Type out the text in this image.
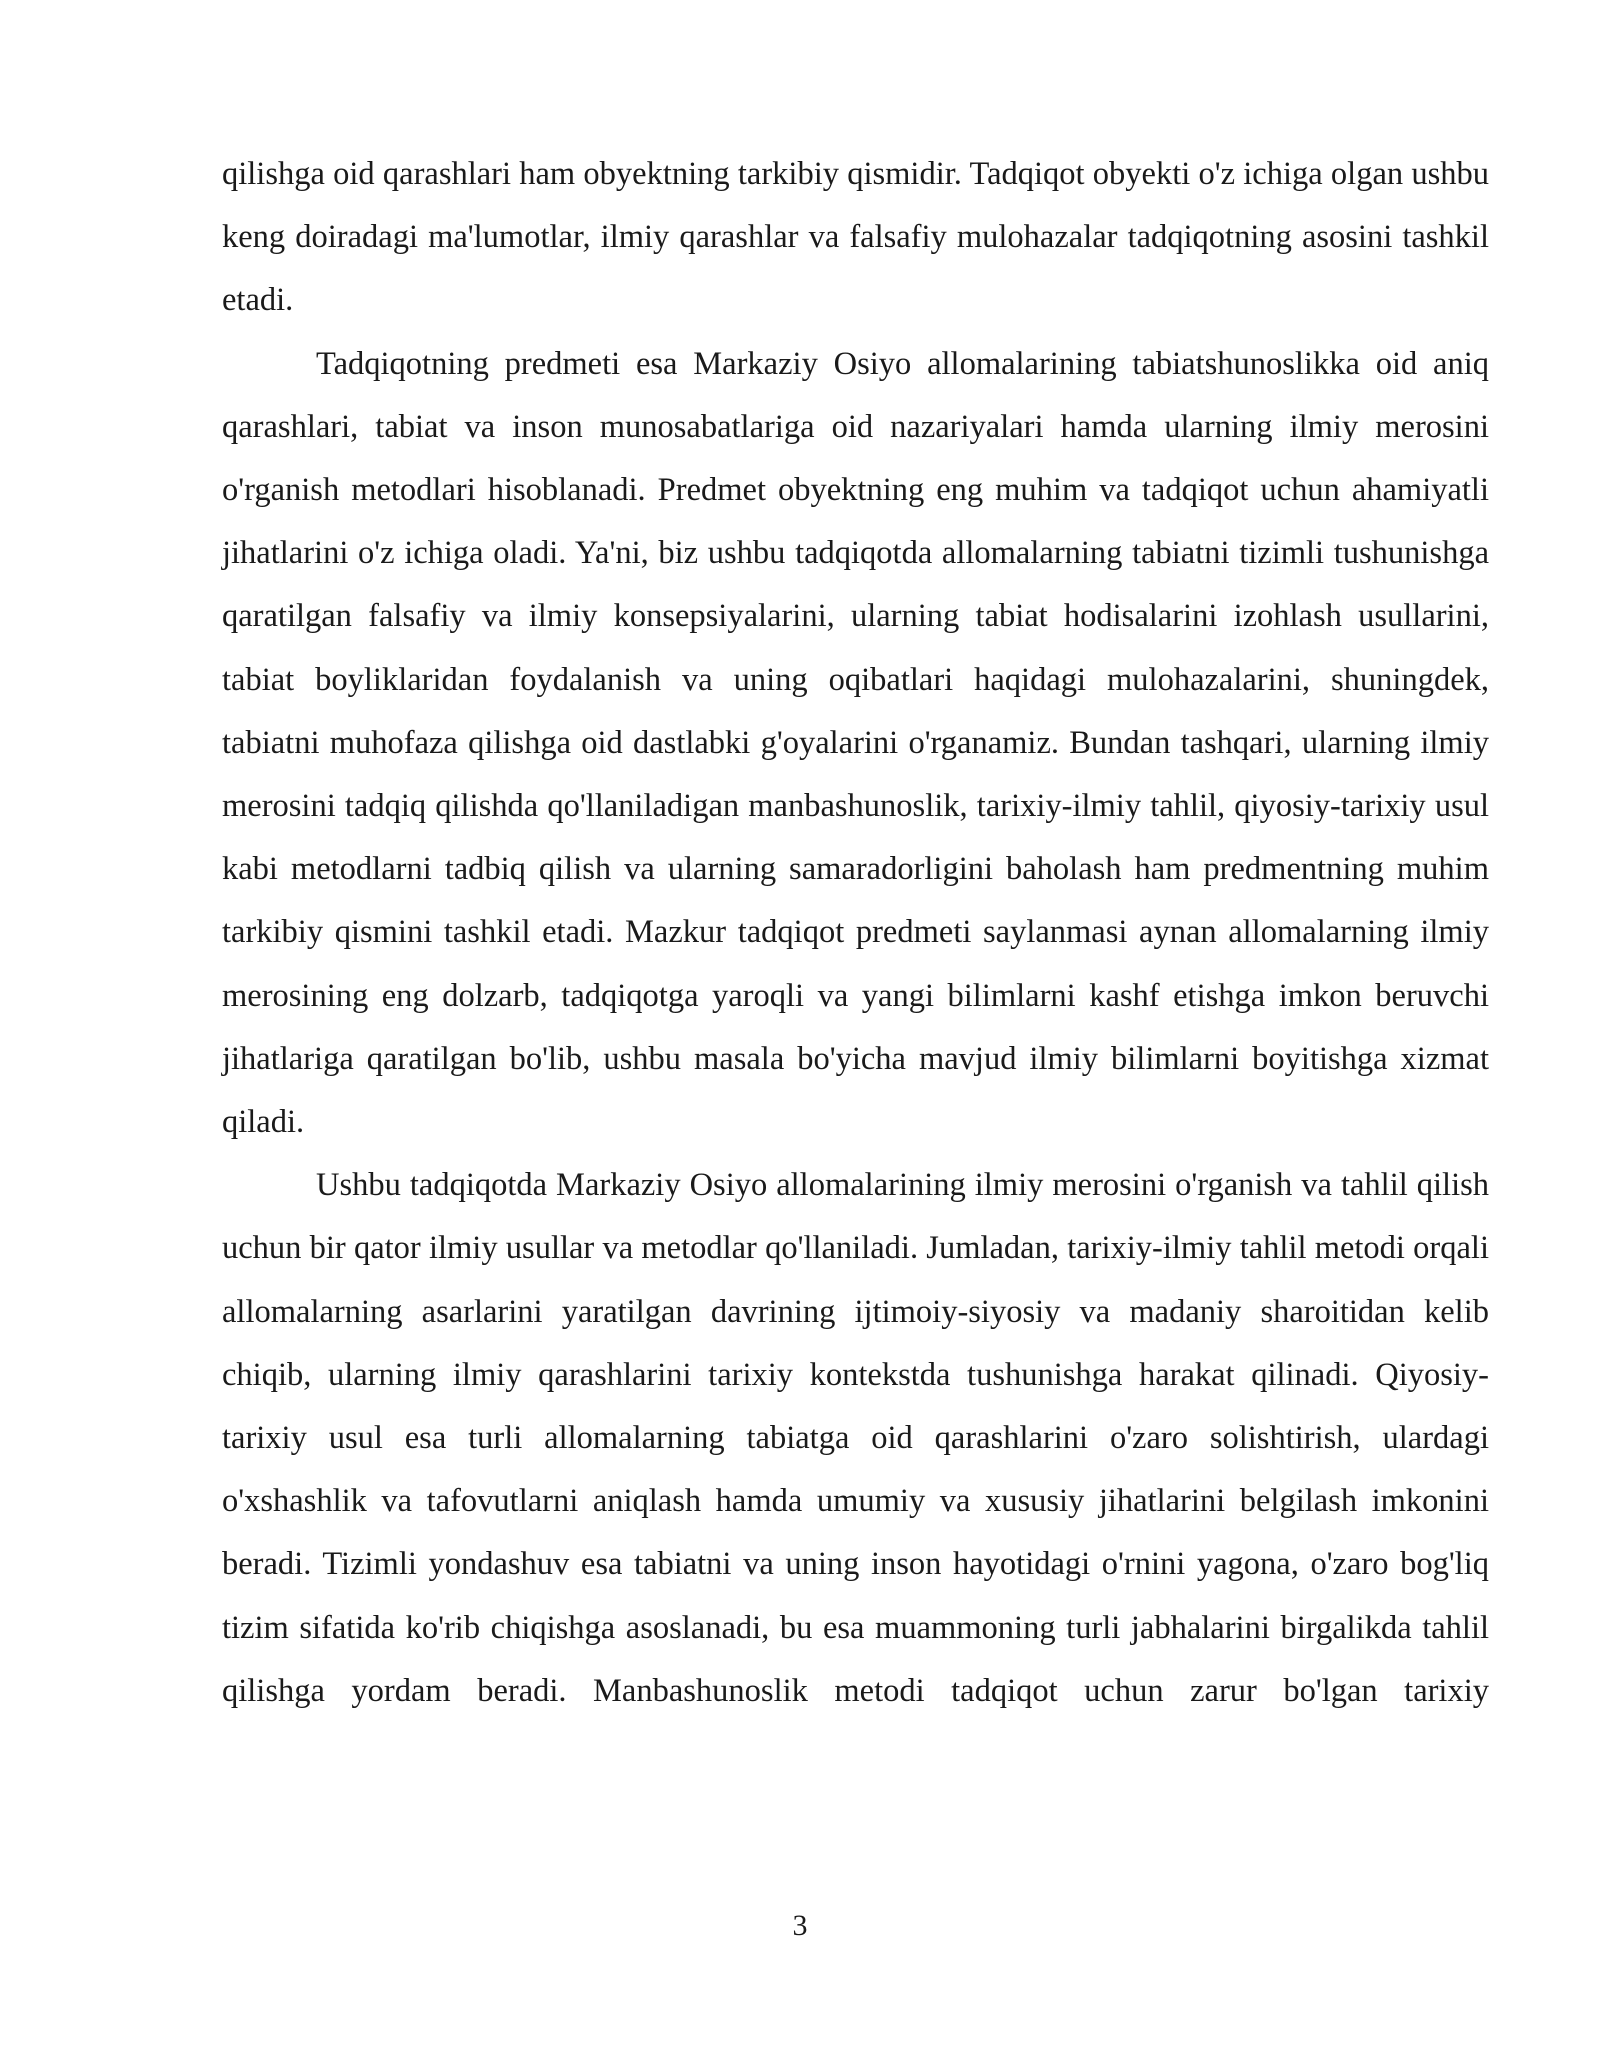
qilishga oid qarashlari ham obyektning tarkibiy qismidir. Tadqiqot obyekti o'z ichiga olgan ushbu keng doiradagi ma'lumotlar, ilmiy qarashlar va falsafiy mulohazalar tadqiqotning asosini tashkil etadi.

Tadqiqotning predmeti esa Markaziy Osiyo allomalarining tabiatshunoslikka oid aniq qarashlari, tabiat va inson munosabatlariga oid nazariyalari hamda ularning ilmiy merosini o'rganish metodlari hisoblanadi. Predmet obyektning eng muhim va tadqiqot uchun ahamiyatli jihatlarini o'z ichiga oladi. Ya'ni, biz ushbu tadqiqotda allomalarning tabiatni tizimli tushunishga qaratilgan falsafiy va ilmiy konsepsiyalarini, ularning tabiat hodisalarini izohlash usullarini, tabiat boyliklaridan foydalanish va uning oqibatlari haqidagi mulohazalarini, shuningdek, tabiatni muhofaza qilishga oid dastlabki g'oyalarini o'rganamiz. Bundan tashqari, ularning ilmiy merosini tadqiq qilishda qo'llaniladigan manbashunoslik, tarixiy-ilmiy tahlil, qiyosiy-tarixiy usul kabi metodlarni tadbiq qilish va ularning samaradorligini baholash ham predmentning muhim tarkibiy qismini tashkil etadi. Mazkur tadqiqot predmeti saylanmasi aynan allomalarning ilmiy merosining eng dolzarb, tadqiqotga yaroqli va yangi bilimlarni kashf etishga imkon beruvchi jihatlariga qaratilgan bo'lib, ushbu masala bo'yicha mavjud ilmiy bilimlarni boyitishga xizmat qiladi.

Ushbu tadqiqotda Markaziy Osiyo allomalarining ilmiy merosini o'rganish va tahlil qilish uchun bir qator ilmiy usullar va metodlar qo'llaniladi. Jumladan, tarixiy-ilmiy tahlil metodi orqali allomalarning asarlarini yaratilgan davrining ijtimoiy-siyosiy va madaniy sharoitidan kelib chiqib, ularning ilmiy qarashlarini tarixiy kontekstda tushunishga harakat qilinadi. Qiyosiy-tarixiy usul esa turli allomalarning tabiatga oid qarashlarini o'zaro solishtirish, ulardagi o'xshashlik va tafovutlarni aniqlash hamda umumiy va xususiy jihatlarini belgilash imkonini beradi. Tizimli yondashuv esa tabiatni va uning inson hayotidagi o'rnini yagona, o'zaro bog'liq tizim sifatida ko'rib chiqishga asoslanadi, bu esa muammoning turli jabhalarini birgalikda tahlil qilishga yordam beradi. Manbashunoslik metodi tadqiqot uchun zarur bo'lgan tarixiy

3
